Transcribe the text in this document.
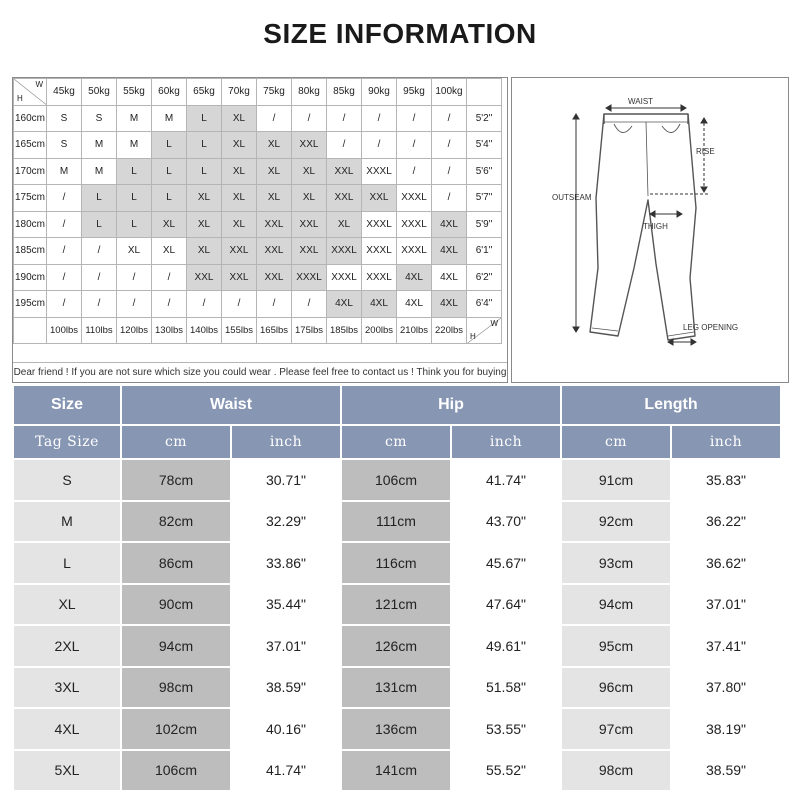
SIZE INFORMATION
H
W	45kg	50kg	55kg	60kg	65kg	70kg	75kg	80kg	85kg	90kg	95kg	100kg	
160cm	S	S	M	M	L	XL	/	/	/	/	/	/	5'2"
165cm	S	M	M	L	L	XL	XL	XXL	/	/	/	/	5'4"
170cm	M	M	L	L	L	XL	XL	XL	XXL	XXXL	/	/	5'6"
175cm	/	L	L	L	XL	XL	XL	XL	XXL	XXL	XXXL	/	5'7"
180cm	/	L	L	XL	XL	XL	XXL	XXL	XL	XXXL	XXXL	4XL	5'9"
185cm	/	/	XL	XL	XL	XXL	XXL	XXL	XXXL	XXXL	XXXL	4XL	6'1"
190cm	/	/	/	/	XXL	XXL	XXL	XXXL	XXXL	XXXL	4XL	4XL	6'2"
195cm	/	/	/	/	/	/	/	/	4XL	4XL	4XL	4XL	6'4"
	100lbs	110lbs	120lbs	130lbs	140lbs	155lbs	165lbs	175lbs	185lbs	200lbs	210lbs	220lbs	H
W
Dear friend ! If you are not sure which size you could wear . Please feel free to contact us ! Think you for buying
WAIST
RISE
OUTSEAM
THIGH
LEG OPENING
Size	Waist		Hip		Length	
Tag Size	cm	inch	cm	inch	cm	inch
S	78cm	30.71"	106cm	41.74"	91cm	35.83"
M	82cm	32.29"	111cm	43.70"	92cm	36.22"
L	86cm	33.86"	116cm	45.67"	93cm	36.62"
XL	90cm	35.44"	121cm	47.64"	94cm	37.01"
2XL	94cm	37.01"	126cm	49.61"	95cm	37.41"
3XL	98cm	38.59"	131cm	51.58"	96cm	37.80"
4XL	102cm	40.16"	136cm	53.55"	97cm	38.19"
5XL	106cm	41.74"	141cm	55.52"	98cm	38.59"
